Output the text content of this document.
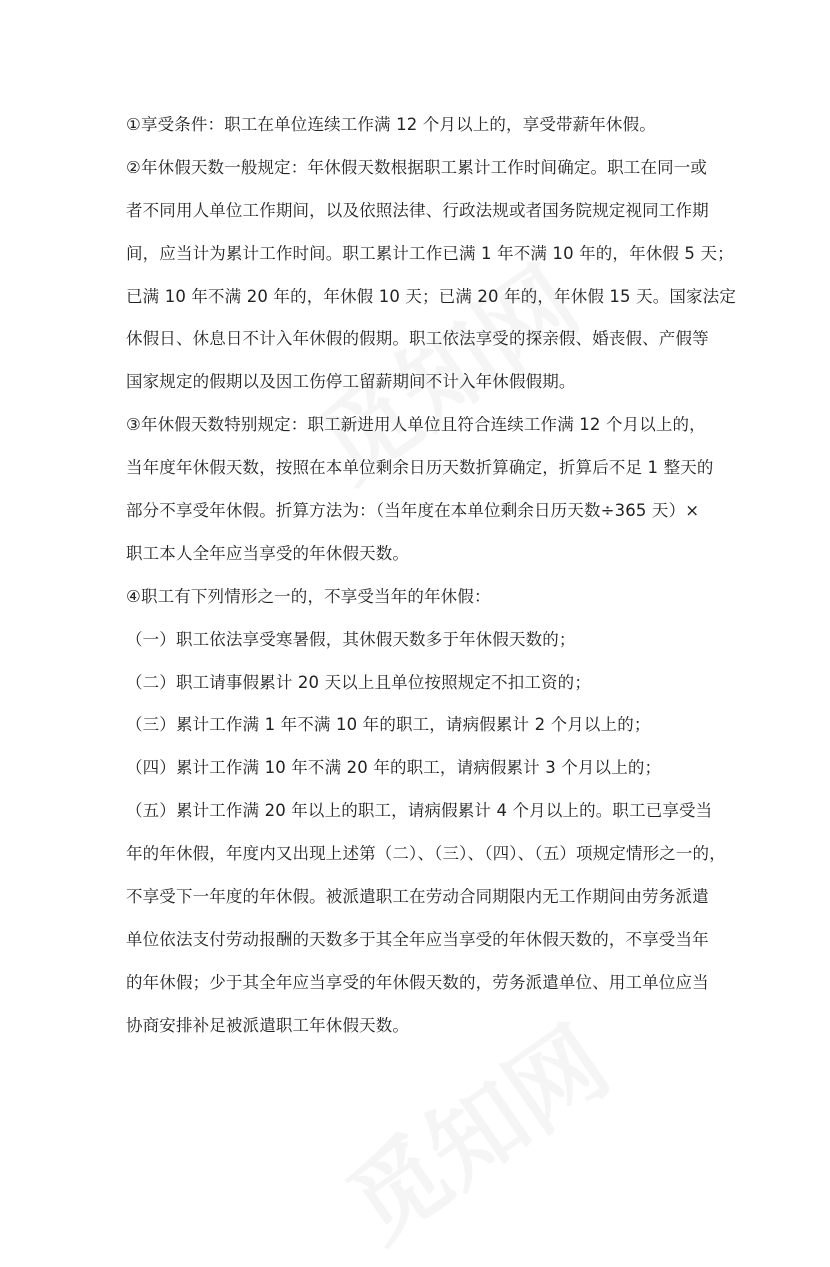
①享受条件：职工在单位连续工作满 12 个月以上的，享受带薪年休假。
②年休假天数一般规定：年休假天数根据职工累计工作时间确定。职工在同一或
者不同用人单位工作期间，以及依照法律、行政法规或者国务院规定视同工作期
间，应当计为累计工作时间。职工累计工作已满 1 年不满 10 年的，年休假 5 天；
已满 10 年不满 20 年的，年休假 10 天；已满 20 年的，年休假 15 天。国家法定
休假日、休息日不计入年休假的假期。职工依法享受的探亲假、婚丧假、产假等
国家规定的假期以及因工伤停工留薪期间不计入年休假假期。
③年休假天数特别规定：职工新进用人单位且符合连续工作满 12 个月以上的，
当年度年休假天数，按照在本单位剩余日历天数折算确定，折算后不足 1 整天的
部分不享受年休假。折算方法为：（当年度在本单位剩余日历天数÷365 天）×
职工本人全年应当享受的年休假天数。
④职工有下列情形之一的，不享受当年的年休假：
（一）职工依法享受寒暑假，其休假天数多于年休假天数的；
（二）职工请事假累计 20 天以上且单位按照规定不扣工资的；
（三）累计工作满 1 年不满 10 年的职工，请病假累计 2 个月以上的；
（四）累计工作满 10 年不满 20 年的职工，请病假累计 3 个月以上的；
（五）累计工作满 20 年以上的职工，请病假累计 4 个月以上的。职工已享受当
年的年休假，年度内又出现上述第（二）、（三）、（四）、（五）项规定情形之一的，
不享受下一年度的年休假。被派遣职工在劳动合同期限内无工作期间由劳务派遣
单位依法支付劳动报酬的天数多于其全年应当享受的年休假天数的，不享受当年
的年休假；少于其全年应当享受的年休假天数的，劳务派遣单位、用工单位应当
协商安排补足被派遣职工年休假天数。
